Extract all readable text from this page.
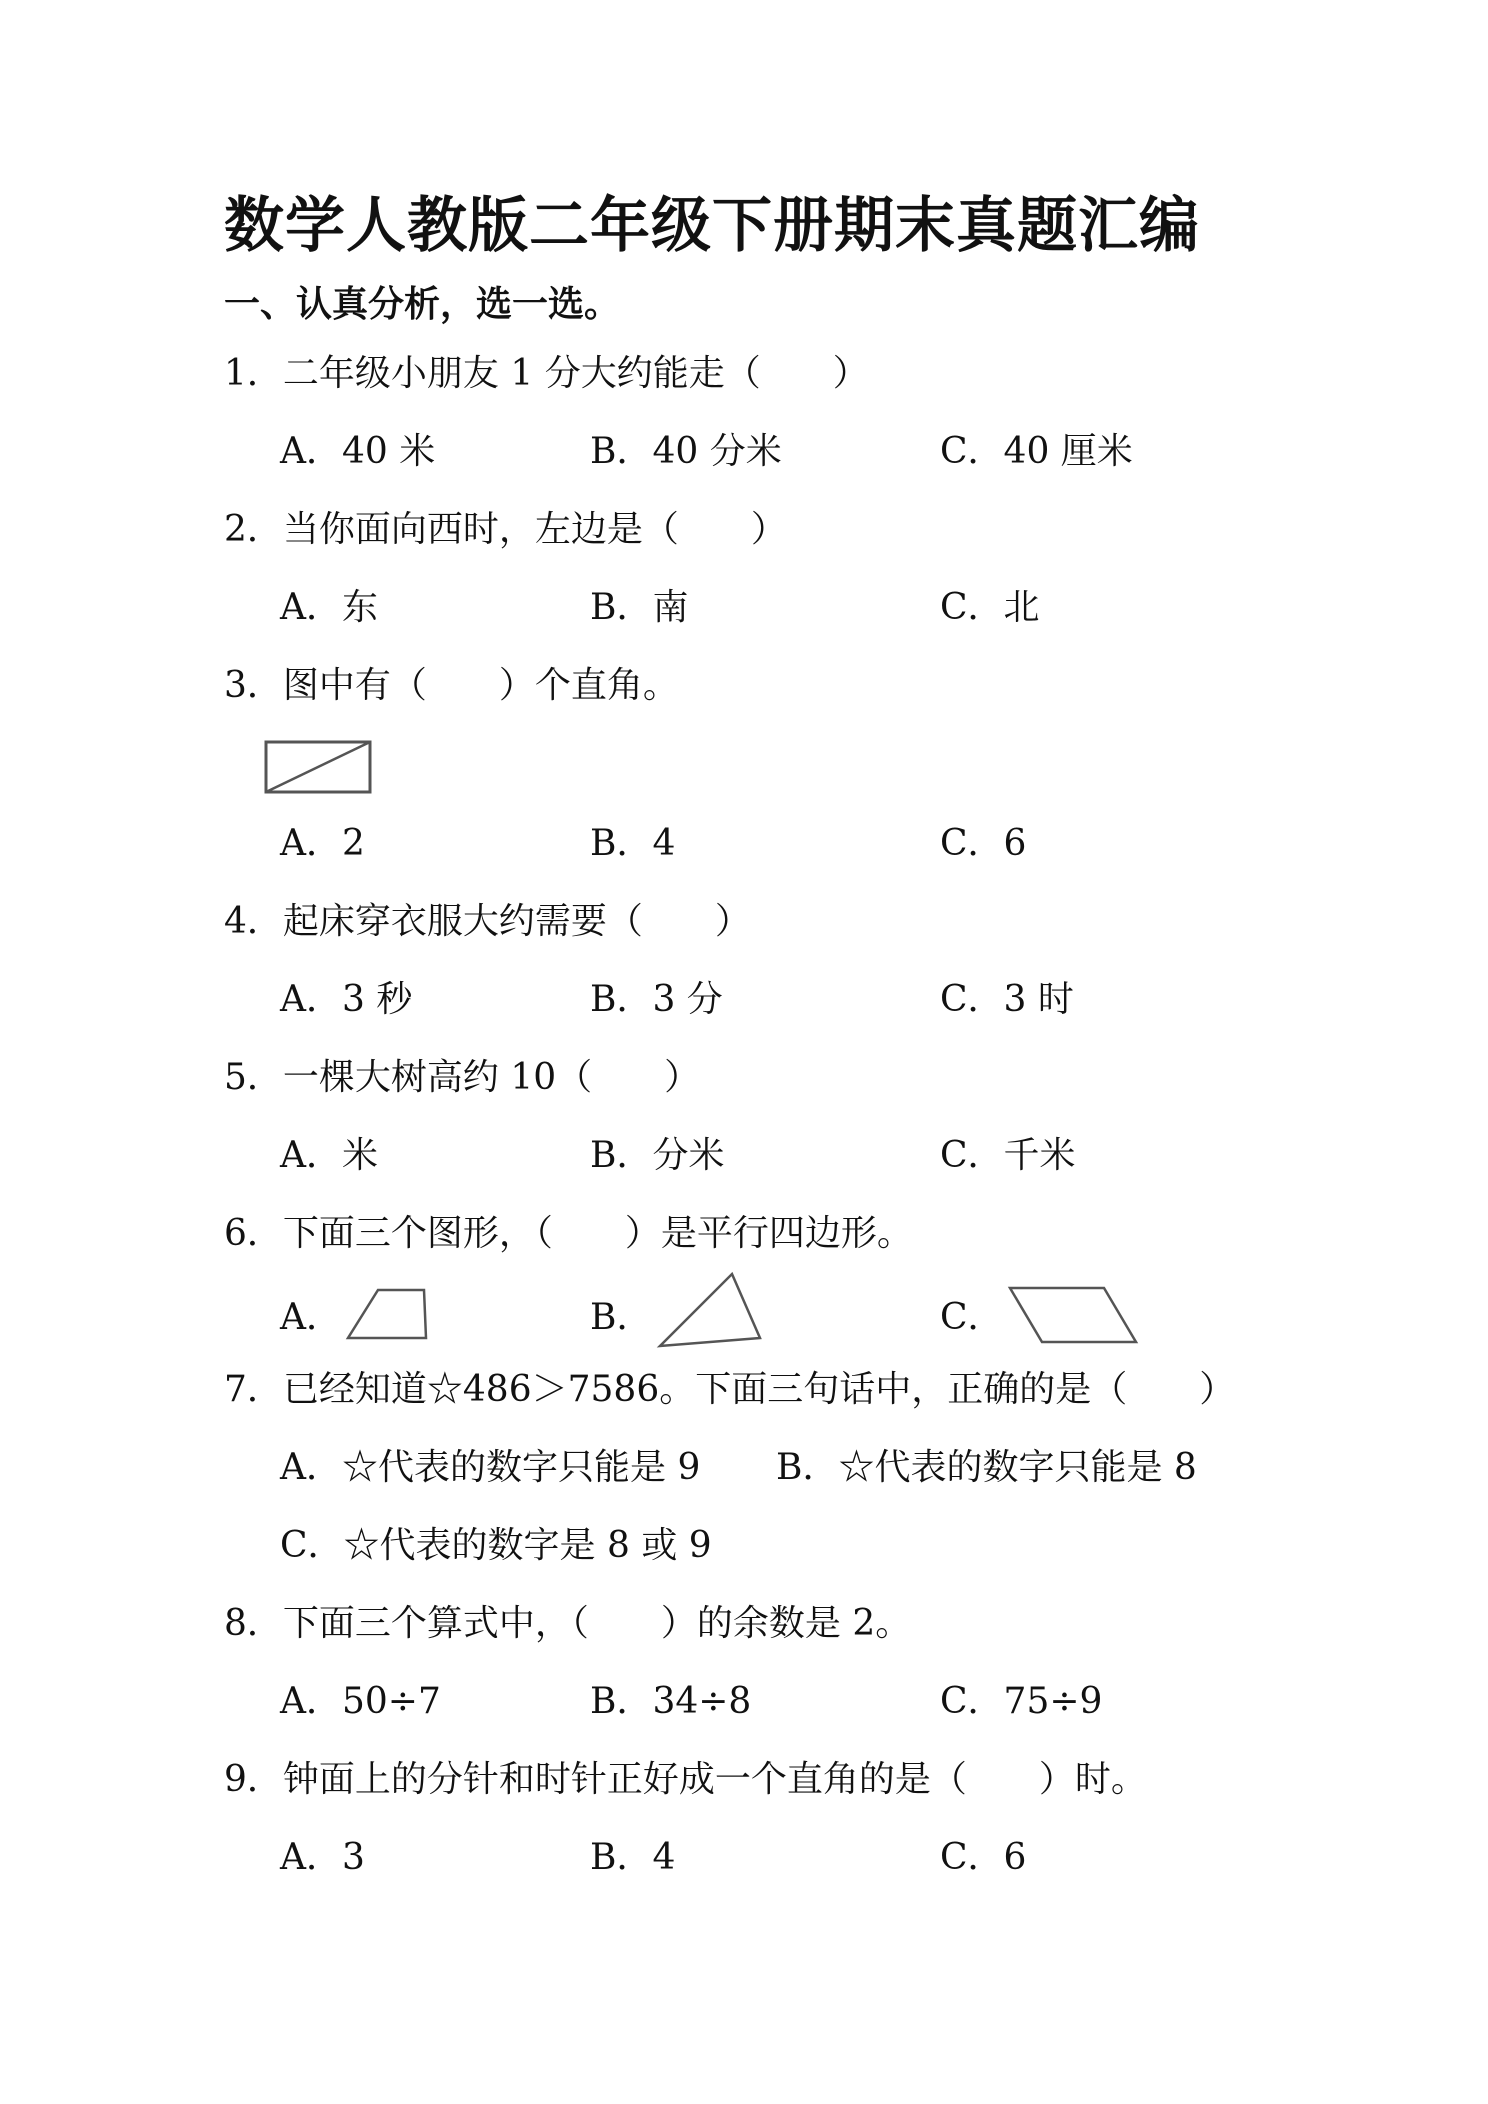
数学人教版二年级下册期末真题汇编
一、认真分析，选一选。
1．二年级小朋友 1 分大约能走（　　）
A．40 米	B．40 分米	C．40 厘米
2．当你面向西时，左边是（　　）
A．东	B．南	C．北
3．图中有（　　）个直角。
A．2	B．4	C．6
4．起床穿衣服大约需要（　　）
A．3 秒	B．3 分	C．3 时
5．一棵大树高约 10（　　）
A．米	B．分米	C．千米
6．下面三个图形，（　　）是平行四边形。
A．	B．	C．
7．已经知道☆486＞7586。下面三句话中，正确的是（　　）
A．☆代表的数字只能是 9 B．☆代表的数字只能是 8
C．☆代表的数字是 8 或 9
8．下面三个算式中，（　　）的余数是 2。
A．50÷7	B．34÷8	C．75÷9
9．钟面上的分针和时针正好成一个直角的是（　　）时。
A．3	B．4	C．6
